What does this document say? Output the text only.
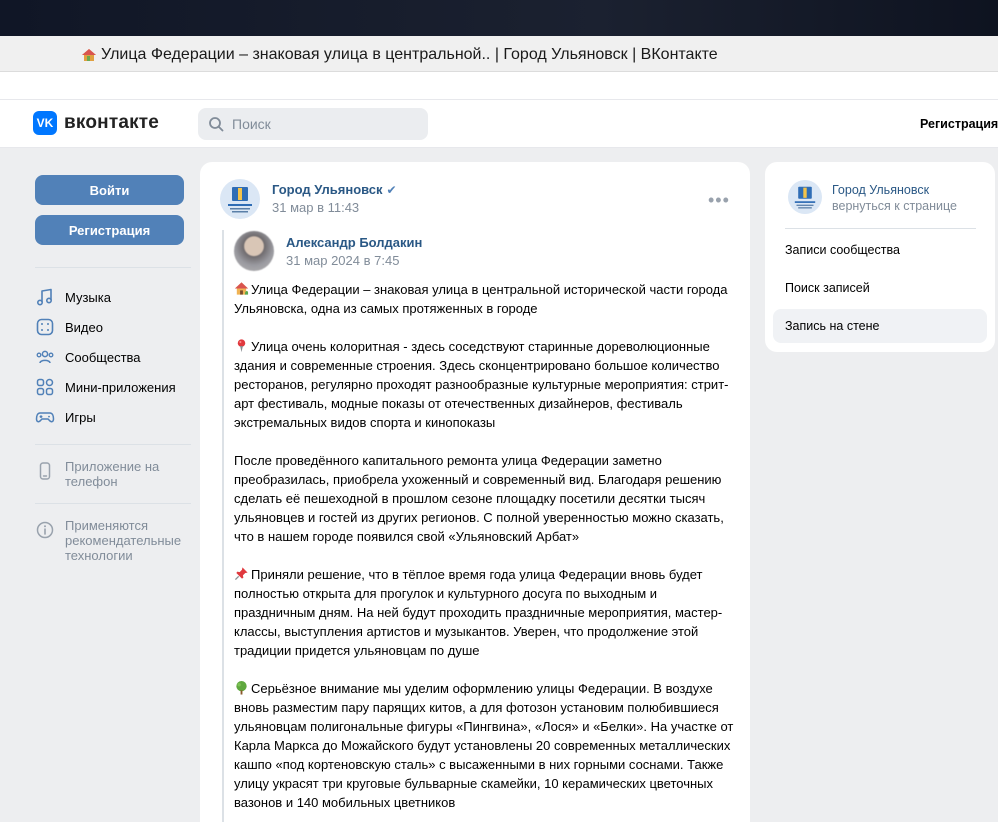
Улица Федерации – знаковая улица в центральной.. | Город Ульяновск | ВКонтакте
VK вконтакте	Поиск	Регистрация
Войти
Регистрация
Музыка
Видео
Сообщества
Мини-приложения
Игры
Приложение на телефон
Применяются рекомендательные технологии
Город Ульяновск ✔
31 мар в 11:43	•••
Александр Болдакин
31 мар 2024 в 7:45
Улица Федерации – знаковая улица в центральной исторической части города Ульяновска, одна из самых протяженных в городе
Улица очень колоритная - здесь соседствуют старинные дореволюционные здания и современные строения. Здесь сконцентрировано большое количество ресторанов, регулярно проходят разнообразные культурные мероприятия: стрит-арт фестиваль, модные показы от отечественных дизайнеров, фестиваль экстремальных видов спорта и кинопоказы
После проведённого капитального ремонта улица Федерации заметно преобразилась, приобрела ухоженный и современный вид. Благодаря решению сделать её пешеходной в прошлом сезоне площадку посетили десятки тысяч ульяновцев и гостей из других регионов. С полной уверенностью можно сказать, что в нашем городе появился свой «Ульяновский Арбат»
Приняли решение, что в тёплое время года улица Федерации вновь будет полностью открыта для прогулок и культурного досуга по выходным и праздничным дням. На ней будут проходить праздничные мероприятия, мастер-классы, выступления артистов и музыкантов. Уверен, что продолжение этой традиции придется ульяновцам по душе
Серьёзное внимание мы уделим оформлению улицы Федерации. В воздухе вновь разместим пару парящих китов, а для фотозон установим полюбившиеся ульяновцам полигональные фигуры «Пингвина», «Лося» и «Белки». На участке от Карла Маркса до Можайского будут установлены 20 современных металлических кашпо «под кортеновскую сталь» с высаженными в них горными соснами. Также улицу украсят три круговые бульварные скамейки, 10 керамических цветочных вазонов и 140 мобильных цветников
Город Ульяновск
вернуться к странице
Записи сообщества
Поиск записей
Запись на стене
